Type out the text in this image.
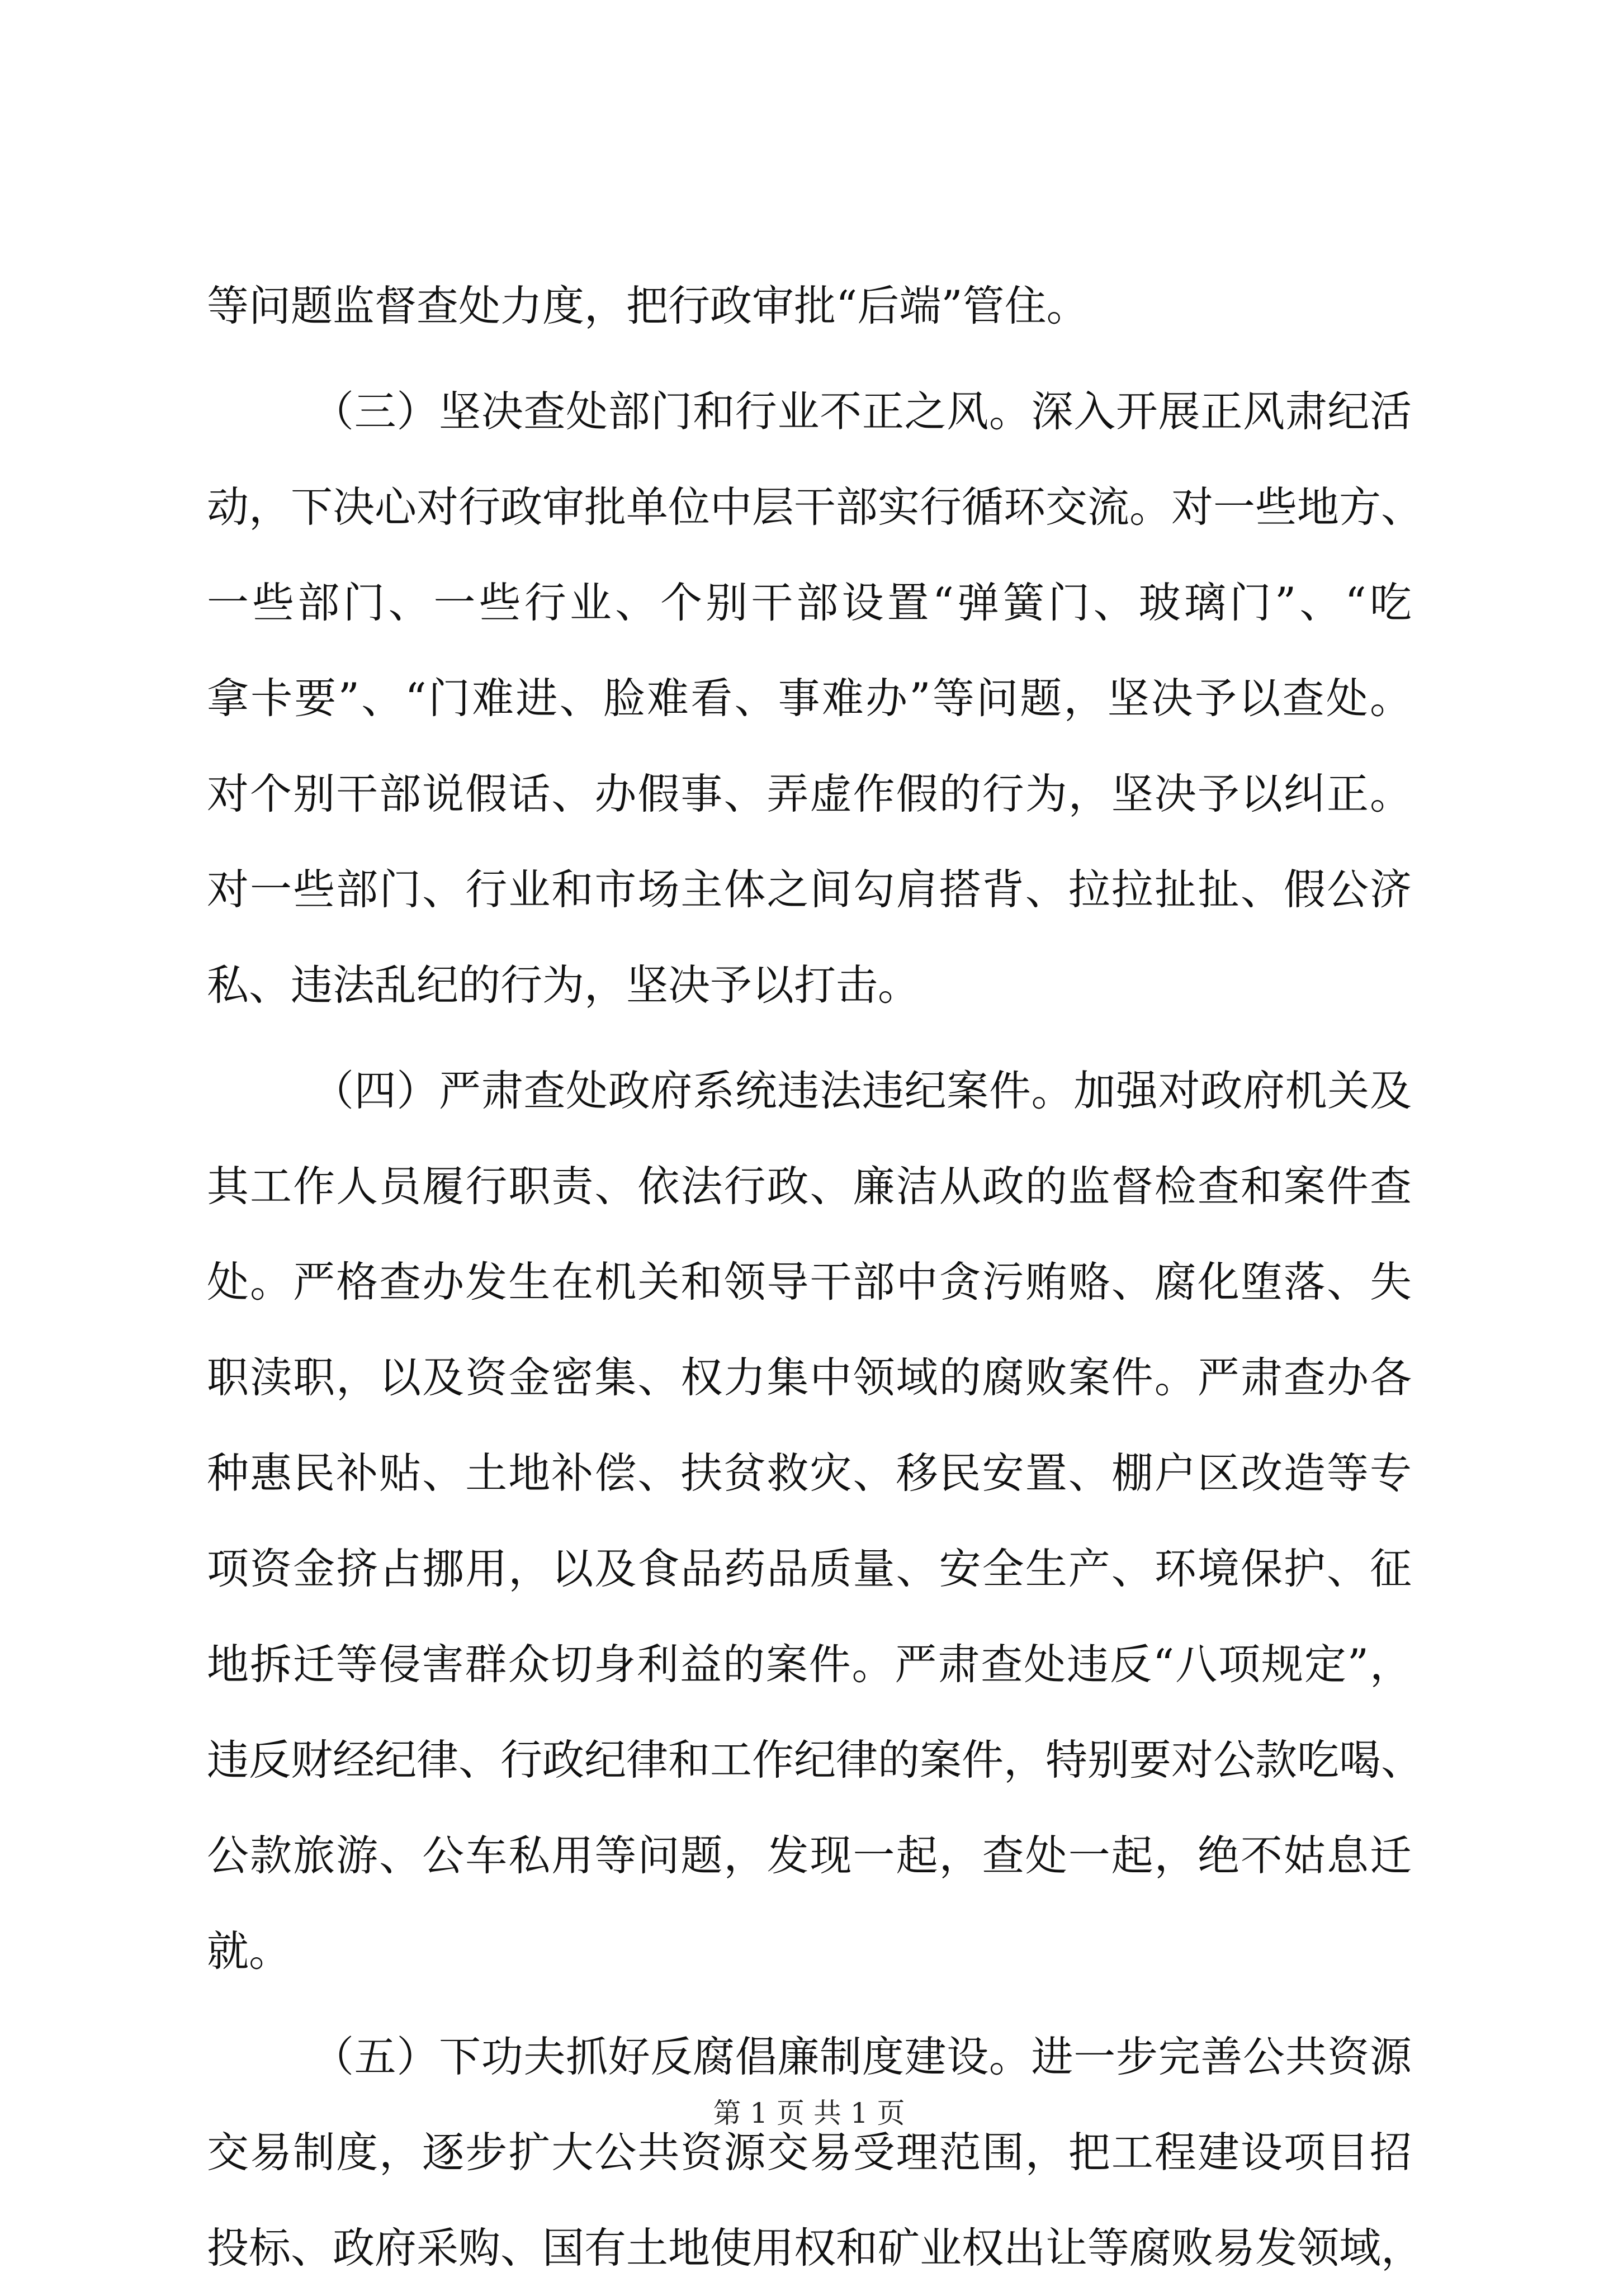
等问题监督查处力度，把行政审批“后端”管住。
（三）坚决查处部门和行业不正之风。深入开展正风肃纪活
动，下决心对行政审批单位中层干部实行循环交流。对一些地方、
一些部门、一些行业、个别干部设置“弹簧门、玻璃门”、“吃
拿卡要”、“门难进、脸难看、事难办”等问题，坚决予以查处。
对个别干部说假话、办假事、弄虚作假的行为，坚决予以纠正。
对一些部门、行业和市场主体之间勾肩搭背、拉拉扯扯、假公济
私、违法乱纪的行为，坚决予以打击。
（四）严肃查处政府系统违法违纪案件。加强对政府机关及
其工作人员履行职责、依法行政、廉洁从政的监督检查和案件查
处。严格查办发生在机关和领导干部中贪污贿赂、腐化堕落、失
职渎职，以及资金密集、权力集中领域的腐败案件。严肃查办各
种惠民补贴、土地补偿、扶贫救灾、移民安置、棚户区改造等专
项资金挤占挪用，以及食品药品质量、安全生产、环境保护、征
地拆迁等侵害群众切身利益的案件。严肃查处违反“八项规定”，
违反财经纪律、行政纪律和工作纪律的案件，特别要对公款吃喝、
公款旅游、公车私用等问题，发现一起，查处一起，绝不姑息迁
就。
（五）下功夫抓好反腐倡廉制度建设。进一步完善公共资源
交易制度，逐步扩大公共资源交易受理范围，把工程建设项目招
投标、政府采购、国有土地使用权和矿业权出让等腐败易发领域，
第 1 页 共 1 页
